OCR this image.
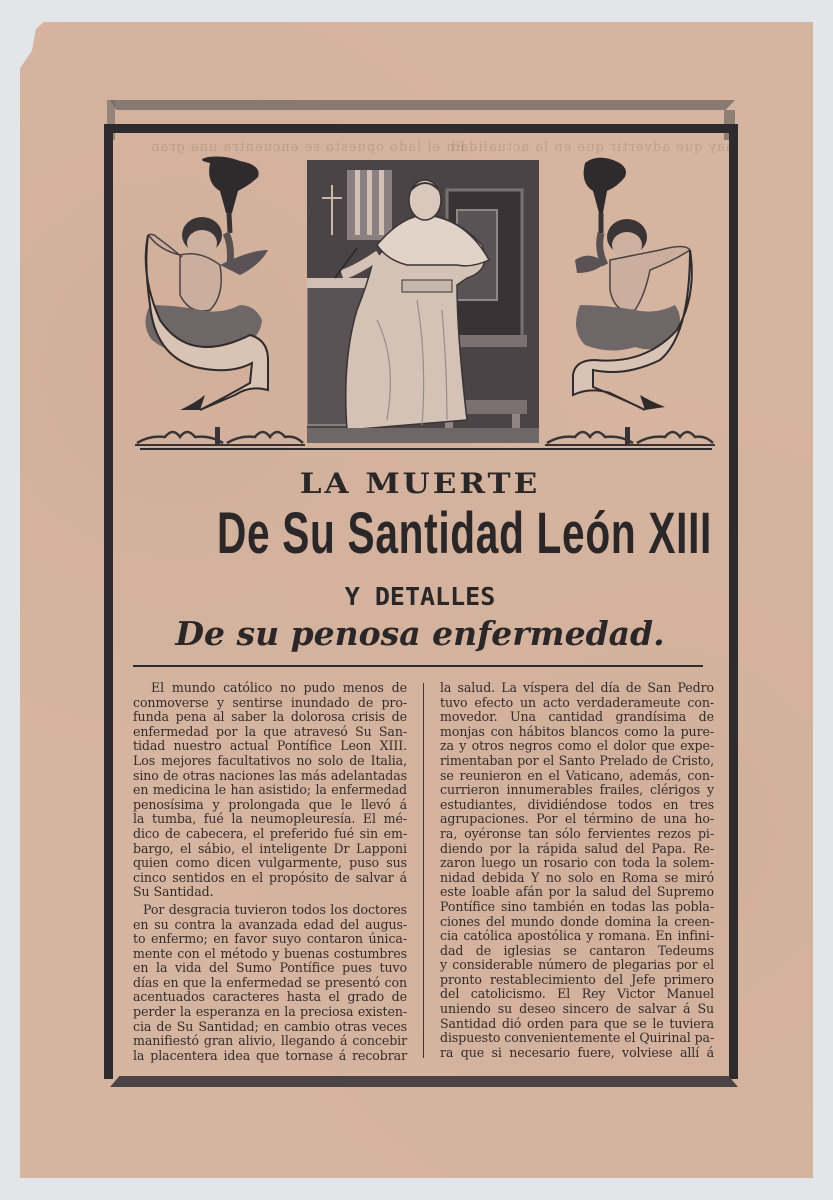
En el lado opuesto se encuentra una gran
hay que advertir que en la actualidad
LA MUERTE
De Su Santidad León XIII
Y DETALLES
De su penosa enfermedad.

El mundo católico no pudo menos de
conmoverse y sentirse inundado de pro-
funda pena al saber la dolorosa crisis de
enfermedad por la que atravesó Su San-
tidad nuestro actual Pontífice Leon XIII.
Los mejores facultativos no solo de Italia,
sino de otras naciones las más adelantadas
en medicina le han asistido; la enfermedad
penosísima y prolongada que le llevó á
la tumba, fué la neumopleuresía. El mé-
dico de cabecera, el preferido fué sin em-
bargo, el sábio, el inteligente Dr Lapponi
quien como dicen vulgarmente, puso sus
cinco sentidos en el propósito de salvar á
Su Santidad.

Por desgracia tuvieron todos los doctores
en su contra la avanzada edad del augus-
to enfermo; en favor suyo contaron única-
mente con el método y buenas costumbres
en la vida del Sumo Pontífice pues tuvo
días en que la enfermedad se presentó con
acentuados caracteres hasta el grado de
perder la esperanza en la preciosa existen-
cia de Su Santidad; en cambio otras veces
manifiestó gran alivio, llegando á concebir
la placentera idea que tornase á recobrar

la salud. La víspera del día de San Pedro
tuvo efecto un acto verdaderameute con-
movedor. Una cantidad grandísima de
monjas con hábitos blancos como la pure-
za y otros negros como el dolor que expe-
rimentaban por el Santo Prelado de Cristo,
se reunieron en el Vaticano, además, con-
currieron innumerables frailes, clérigos y
estudiantes, dividiéndose todos en tres
agrupaciones. Por el término de una ho-
ra, oyéronse tan sólo fervientes rezos pi-
diendo por la rápida salud del Papa. Re-
zaron luego un rosario con toda la solem-
nidad debida Y no solo en Roma se miró
este loable afán por la salud del Supremo
Pontífice sino también en todas las pobla-
ciones del mundo donde domina la creen-
cia católica apostólica y romana. En infini-
dad de iglesias se cantaron Tedeums
y considerable número de plegarias por el
pronto restablecimiento del Jefe primero
del catolicismo. El Rey Victor Manuel
uniendo su deseo sincero de salvar á Su
Santidad dió orden para que se le tuviera
dispuesto convenientemente el Quirinal pa-
ra que si necesario fuere, volviese allí á
